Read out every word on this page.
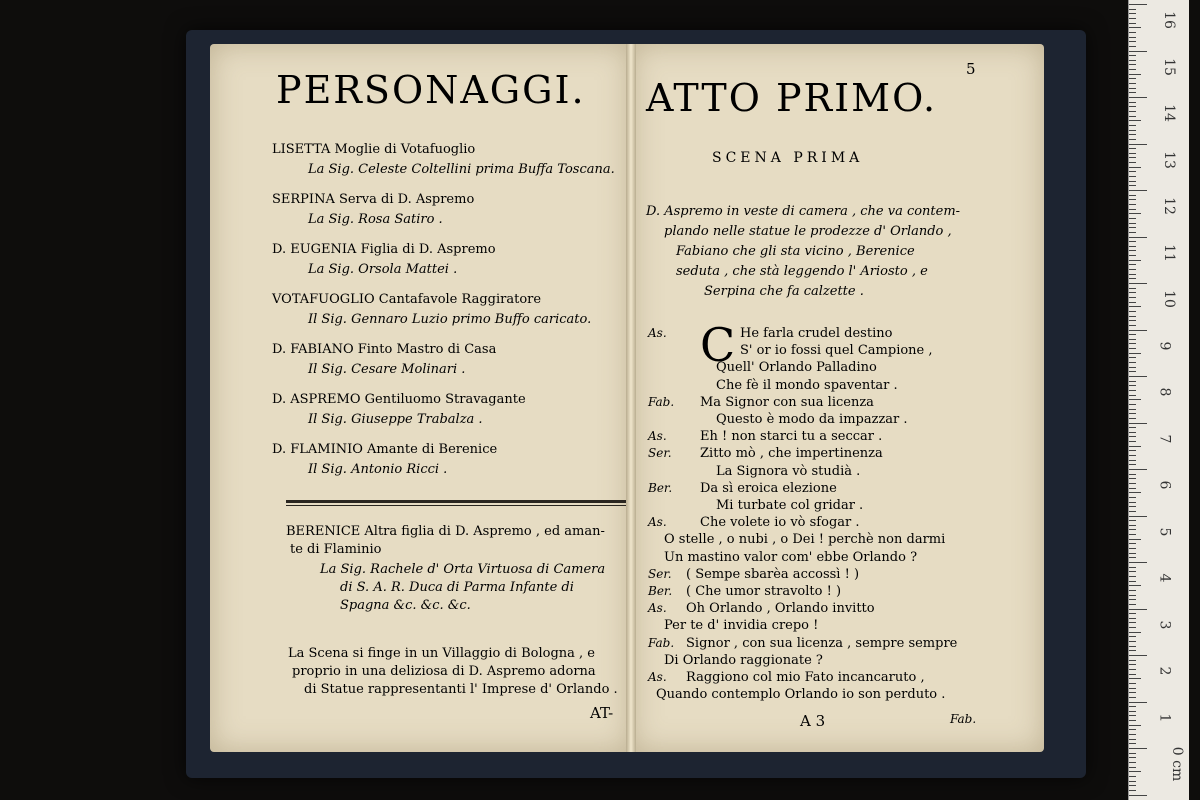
PERSONAGGI.
LISETTA Moglie di Votafuoglio
La Sig. Celeste Coltellini prima Buffa Toscana.
SERPINA Serva di D. Aspremo
La Sig. Rosa Satiro .
D. EUGENIA Figlia di D. Aspremo
La Sig. Orsola Mattei .
VOTAFUOGLIO Cantafavole Raggiratore
Il Sig. Gennaro Luzio primo Buffo caricato.
D. FABIANO Finto Mastro di Casa
Il Sig. Cesare Molinari .
D. ASPREMO Gentiluomo Stravagante
Il Sig. Giuseppe Trabalza .
D. FLAMINIO Amante di Berenice
Il Sig. Antonio Ricci .
BERENICE Altra figlia di D. Aspremo , ed aman-
te di Flaminio
La Sig. Rachele d' Orta Virtuosa di Camera
di S. A. R. Duca di Parma Infante di
Spagna &c. &c. &c.
La Scena si finge in un Villaggio di Bologna , e
proprio in una deliziosa di D. Aspremo adorna
di Statue rappresentanti l' Imprese d' Orlando .
AT-
ATTO PRIMO.
5
SCENA PRIMA
D. Aspremo in veste di camera , che va contem-
plando nelle statue le prodezze d' Orlando ,
Fabiano che gli sta vicino , Berenice
seduta , che stà leggendo l' Ariosto , e
Serpina che fa calzette .
C
As.	He farla crudel destino
S' or io fossi quel Campione ,
Quell' Orlando Palladino
Che fè il mondo spaventar .
Fab. Ma Signor con sua licenza
Questo è modo da impazzar .
As.	Eh ! non starci tu a seccar .
Ser. Zitto mò , che impertinenza
La Signora vò studià .
Ber. Da sì eroica elezione
Mi turbate col gridar .
As.	Che volete io vò sfogar .
O stelle , o nubi , o Dei ! perchè non darmi
Un mastino valor com' ebbe Orlando ?
Ser. ( Sempe sbarèa accossì ! )
Ber. ( Che umor stravolto ! )
As. Oh Orlando , Orlando invitto
Per te d' invidia crepo !
Fab. Signor , con sua licenza , sempre sempre
Di Orlando raggionate ?
As. Raggiono col mio Fato incancaruto ,
Quando contemplo Orlando io son perduto .
A 3	Fab.
16
15
14
13
12
11
10
9
8
7
6
5
4
3
2
1
0 cm
